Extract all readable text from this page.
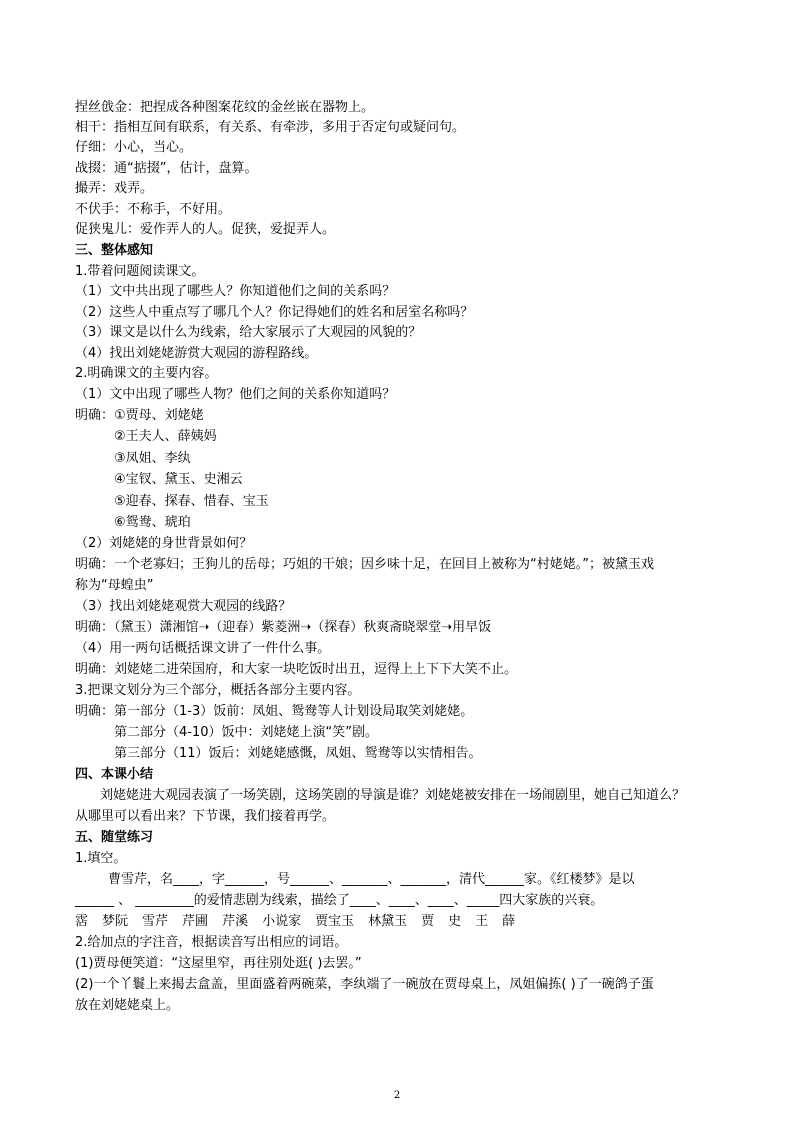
捏丝戗金：把捏成各种图案花纹的金丝嵌在器物上。
相干：指相互间有联系，有关系、有牵涉，多用于否定句或疑问句。
仔细：小心，当心。
战掇：通“掂掇”，估计，盘算。
撮弄：戏弄。
不伏手：不称手，不好用。
促狭鬼儿：爱作弄人的人。促狭，爱捉弄人。
三、整体感知
1.带着问题阅读课文。
（1）文中共出现了哪些人？你知道他们之间的关系吗？
（2）这些人中重点写了哪几个人？你记得她们的姓名和居室名称吗？
（3）课文是以什么为线索，给大家展示了大观园的风貌的？
（4）找出刘姥姥游赏大观园的游程路线。
2.明确课文的主要内容。
（1）文中出现了哪些人物？他们之间的关系你知道吗？
明确： ①贾母、刘姥姥
②王夫人、薛姨妈
③凤姐、李纨
④宝钗、黛玉、史湘云
⑤迎春、探春、惜春、宝玉
⑥鸳鸯、琥珀
（2）刘姥姥的身世背景如何？
明确：一个老寡妇；王狗儿的岳母；巧姐的干娘；因乡味十足，在回目上被称为“村姥姥。”；被黛玉戏
称为“母蝗虫”
（3）找出刘姥姥观赏大观园的线路？
明确：（黛玉）潇湘馆➝（迎春）紫菱洲➝（探春）秋爽斋晓翠堂➝用早饭
（4）用一两句话概括课文讲了一件什么事。
明确：刘姥姥二进荣国府，和大家一块吃饭时出丑，逗得上上下下大笑不止。
3.把课文划分为三个部分，概括各部分主要内容。
明确：第一部分（1-3）饭前：凤姐、鸳鸯等人计划设局取笑刘姥姥。
第二部分（4-10）饭中：刘姥姥上演“笑”剧。
第三部分（11）饭后：刘姥姥感慨，凤姐、鸳鸯等以实情相告。
四、本课小结
刘姥姥进大观园表演了一场笑剧，这场笑剧的导演是谁？刘姥姥被安排在一场闹剧里，她自己知道么？
从哪里可以看出来？下节课，我们接着再学。
五、随堂练习
1.填空。
曹雪芹，名____，字______，号______、_______、_______，清代______家。《红楼梦》是以
______ 、 _________的爱情悲剧为线索，描绘了____、____、____、_____四大家族的兴衰。
霑 梦阮 雪芹 芹圃 芹溪 小说家 贾宝玉 林黛玉 贾 史 王 薛
2.给加点的字注音，根据读音写出相应的词语。
(1)贾母便笑道：“这屋里窄，再往别处逛( )去罢。”
(2)一个丫鬟上来揭去盒盖，里面盛着两碗菜，李纨端了一碗放在贾母桌上，凤姐偏拣( )了一碗鸽子蛋
放在刘姥姥桌上。
2
